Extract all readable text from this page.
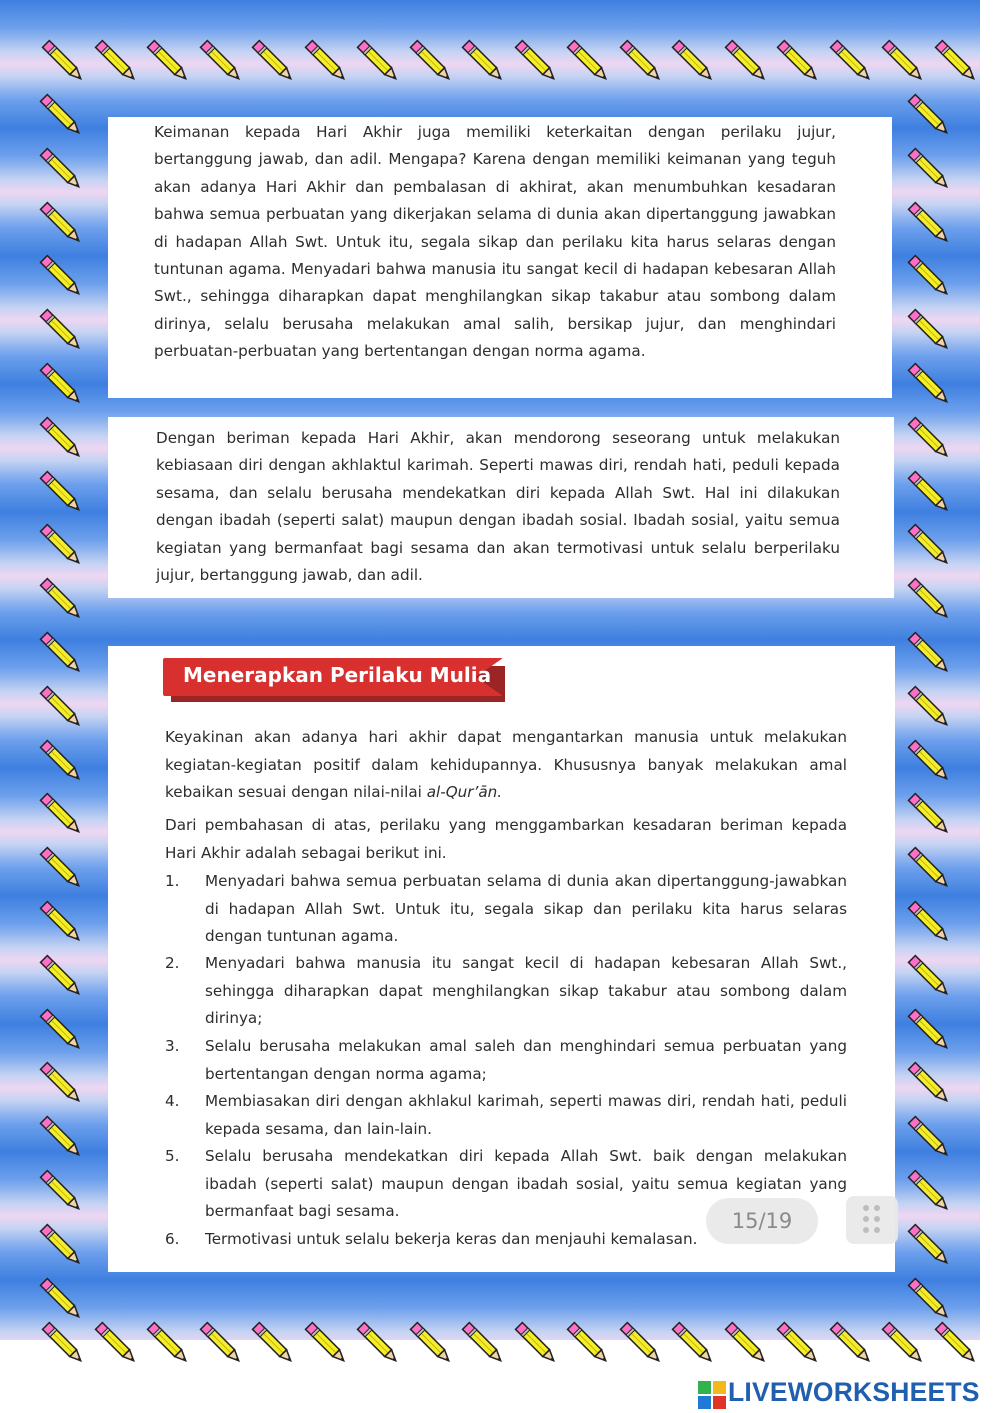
Keimanan kepada Hari Akhir juga memiliki keterkaitan dengan perilaku jujur, bertanggung jawab, dan adil. Mengapa? Karena dengan memiliki keimanan yang teguh akan adanya Hari Akhir dan pembalasan di akhirat, akan menumbuhkan kesadaran bahwa semua perbuatan yang dikerjakan selama di dunia akan dipertanggung jawabkan di hadapan Allah Swt. Untuk itu, segala sikap dan perilaku kita harus selaras dengan tuntunan agama. Menyadari bahwa manusia itu sangat kecil di hadapan kebesaran Allah Swt., sehingga diharapkan dapat menghilangkan sikap takabur atau sombong dalam dirinya, selalu berusaha melakukan amal salih, bersikap jujur, dan menghindari perbuatan-perbuatan yang bertentangan dengan norma agama.

Dengan beriman kepada Hari Akhir, akan mendorong seseorang untuk melakukan kebiasaan diri dengan akhlaktul karimah. Seperti mawas diri, rendah hati, peduli kepada sesama, dan selalu berusaha mendekatkan diri kepada Allah Swt. Hal ini dilakukan dengan ibadah (seperti salat) maupun dengan ibadah sosial. Ibadah sosial, yaitu semua kegiatan yang bermanfaat bagi sesama dan akan termotivasi untuk selalu berperilaku jujur, bertanggung jawab, dan adil.

Menerapkan Perilaku Mulia

Keyakinan akan adanya hari akhir dapat mengantarkan manusia untuk melakukan kegiatan-kegiatan positif dalam kehidupannya. Khususnya banyak melakukan amal kebaikan sesuai dengan nilai-nilai al-Qur’ān.

Dari pembahasan di atas, perilaku yang menggambarkan kesadaran beriman kepada Hari Akhir adalah sebagai berikut ini.

1.	Menyadari bahwa semua perbuatan selama di dunia akan dipertanggung-jawabkan di hadapan Allah Swt. Untuk itu, segala sikap dan perilaku kita harus selaras dengan tuntunan agama.

2.	Menyadari bahwa manusia itu sangat kecil di hadapan kebesaran Allah Swt., sehingga diharapkan dapat menghilangkan sikap takabur atau sombong dalam dirinya;

3.	Selalu berusaha melakukan amal saleh dan menghindari semua perbuatan yang bertentangan dengan norma agama;

4.	Membiasakan diri dengan akhlakul karimah, seperti mawas diri, rendah hati, peduli kepada sesama, dan lain-lain.

5.	Selalu berusaha mendekatkan diri kepada Allah Swt. baik dengan melakukan ibadah (seperti salat) maupun dengan ibadah sosial, yaitu semua kegiatan yang bermanfaat bagi sesama.

6.	Termotivasi untuk selalu bekerja keras dan menjauhi kemalasan.

15/19
LIVEWORKSHEETS
